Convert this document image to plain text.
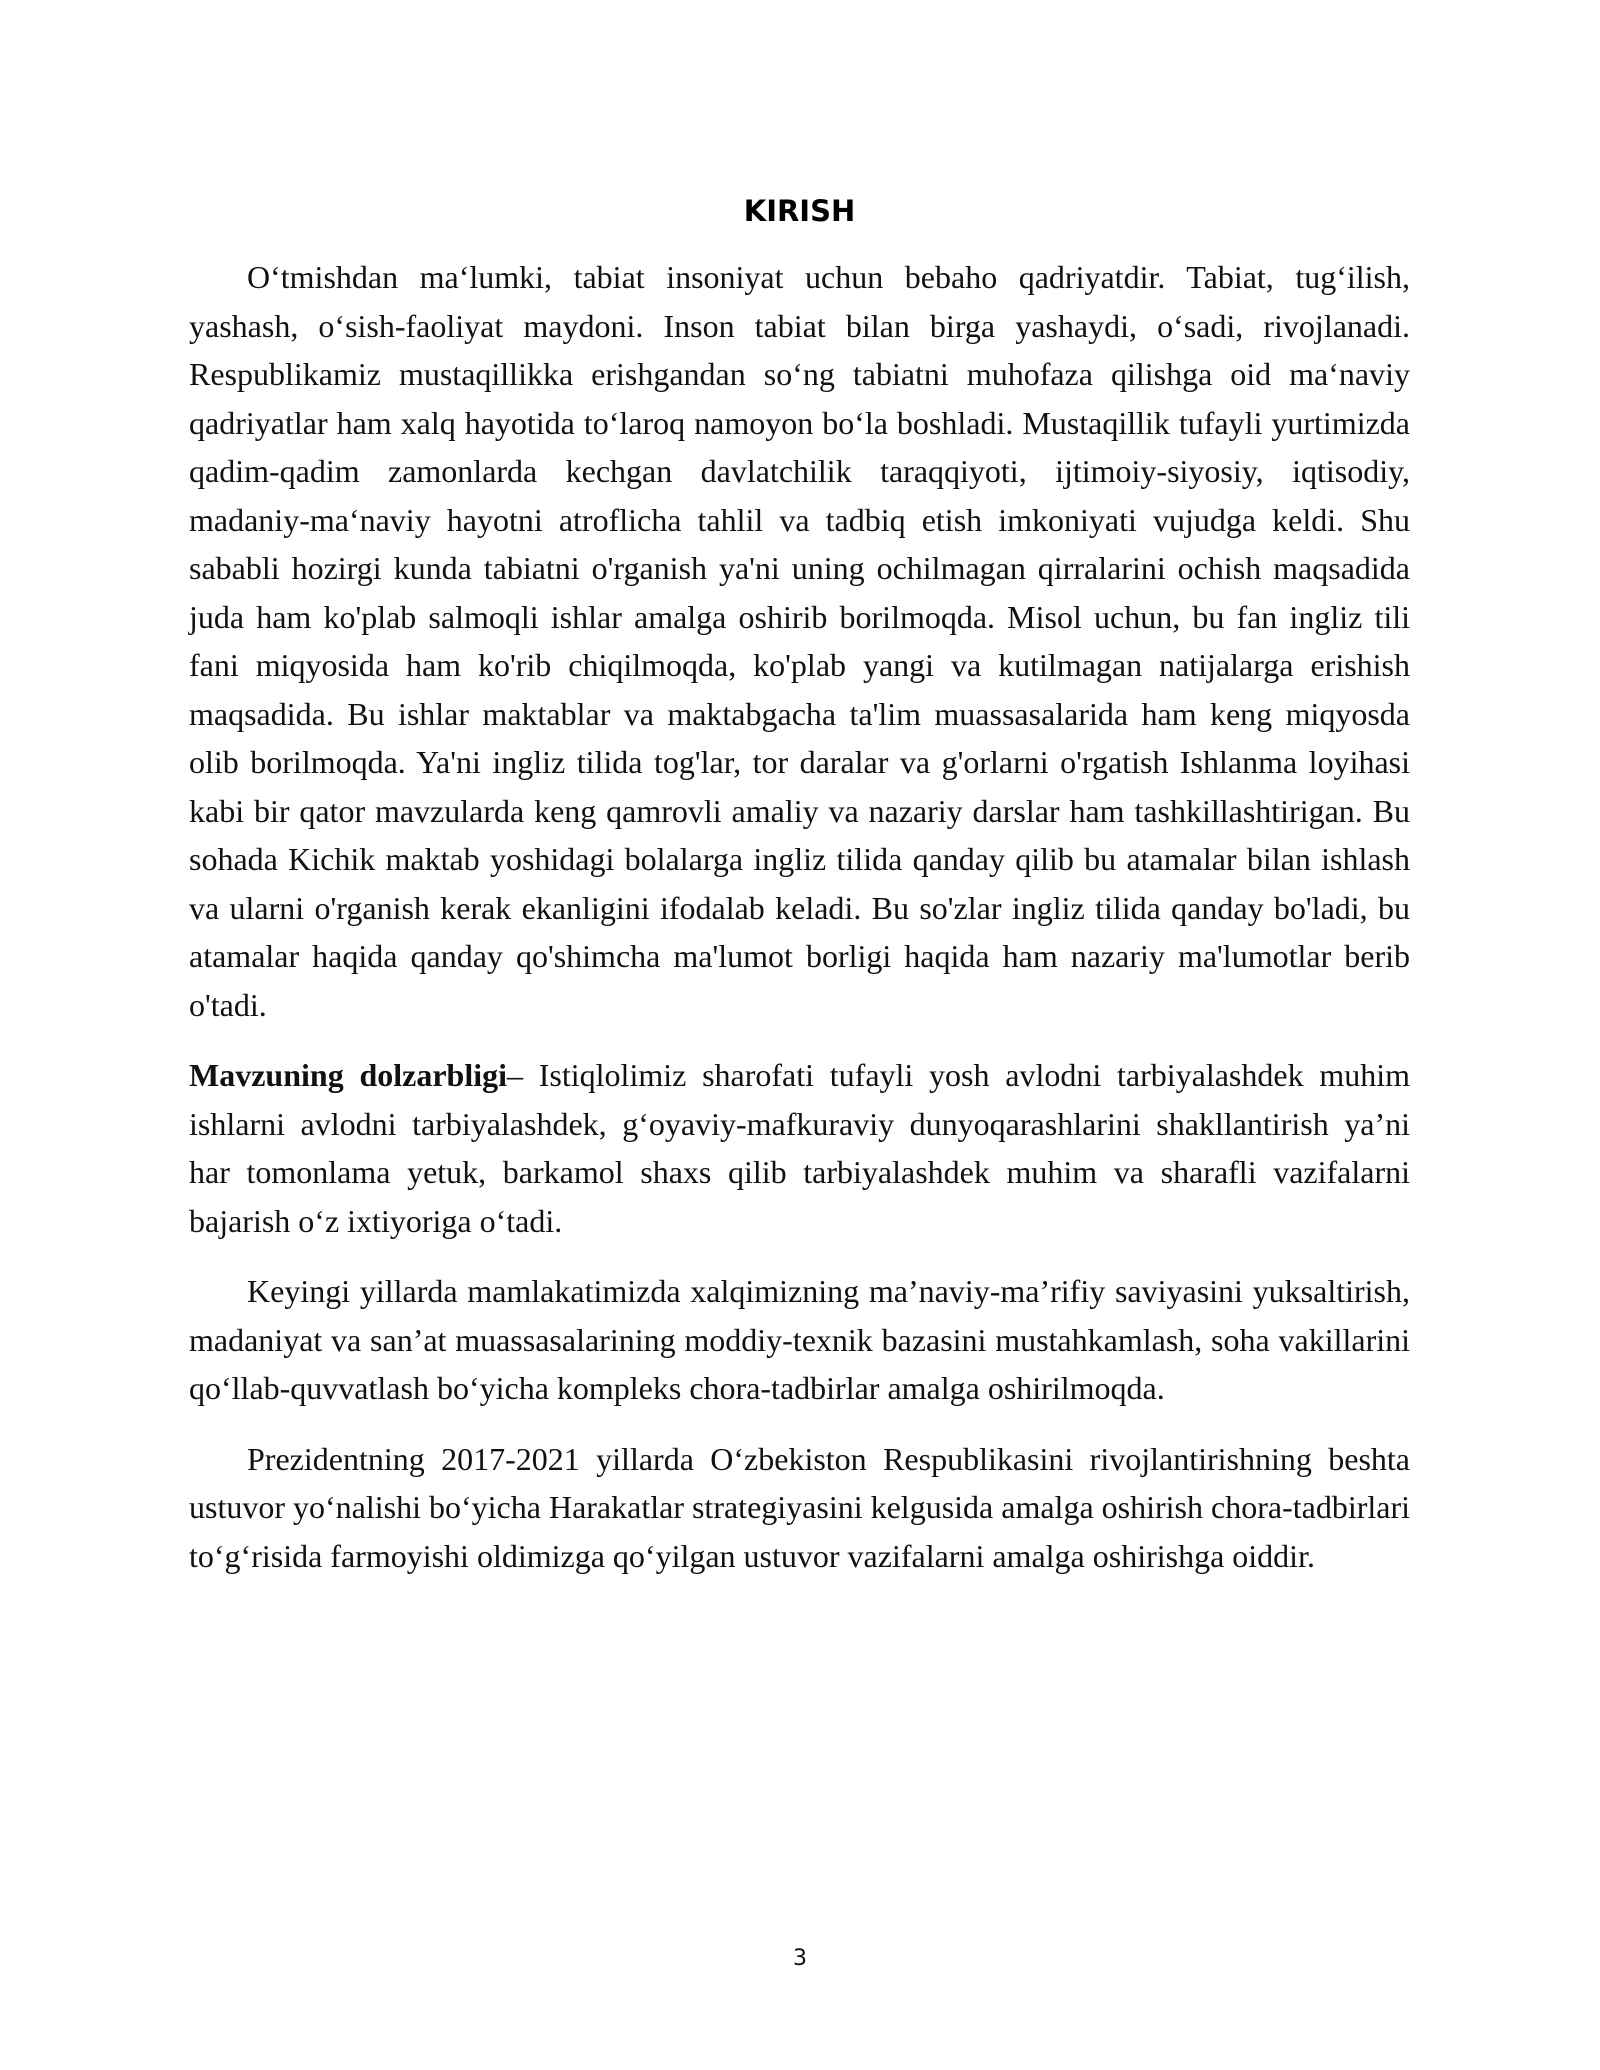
KIRISH

O‘tmishdan ma‘lumki, tabiat insoniyat uchun bebaho qadriyatdir. Tabiat, tug‘ilish, yashash, o‘sish-faoliyat maydoni. Inson tabiat bilan birga yashaydi, o‘sadi, rivojlanadi. Respublikamiz mustaqillikka erishgandan so‘ng tabiatni muhofaza qilishga oid ma‘naviy qadriyatlar ham xalq hayotida to‘laroq namoyon bo‘la boshladi. Mustaqillik tufayli yurtimizda qadim-qadim zamonlarda kechgan davlatchilik taraqqiyoti, ijtimoiy-siyosiy, iqtisodiy, madaniy-ma‘naviy hayotni atroflicha tahlil va tadbiq etish imkoniyati vujudga keldi. Shu sababli hozirgi kunda tabiatni o'rganish ya'ni uning ochilmagan qirralarini ochish maqsadida juda ham ko'plab salmoqli ishlar amalga oshirib borilmoqda. Misol uchun, bu fan ingliz tili fani miqyosida ham ko'rib chiqilmoqda, ko'plab yangi va kutilmagan natijalarga erishish maqsadida. Bu ishlar maktablar va maktabgacha ta'lim muassasalarida ham keng miqyosda olib borilmoqda. Ya'ni ingliz tilida tog'lar, tor daralar va g'orlarni o'rgatish Ishlanma loyihasi kabi bir qator mavzularda keng qamrovli amaliy va nazariy darslar ham tashkillashtirigan. Bu sohada Kichik maktab yoshidagi bolalarga ingliz tilida qanday qilib bu atamalar bilan ishlash va ularni o'rganish kerak ekanligini ifodalab keladi. Bu so'zlar ingliz tilida qanday bo'ladi, bu atamalar haqida qanday qo'shimcha ma'lumot borligi haqida ham nazariy ma'lumotlar berib o'tadi.

Mavzuning dolzarbligi– Istiqlolimiz sharofati tufayli yosh avlodni tarbiyalashdek muhim ishlarni avlodni tarbiyalashdek, g‘oyaviy-mafkuraviy dunyoqarashlarini shakllantirish ya’ni har tomonlama yetuk, barkamol shaxs qilib tarbiyalashdek muhim va sharafli vazifalarni bajarish o‘z ixtiyoriga o‘tadi.

Keyingi yillarda mamlakatimizda xalqimizning ma’naviy-ma’rifiy saviyasini yuksaltirish, madaniyat va san’at muassasalarining moddiy-texnik bazasini mustahkamlash, soha vakillarini qo‘llab-quvvatlash bo‘yicha kompleks chora-tadbirlar amalga oshirilmoqda.

Prezidentning 2017-2021 yillarda O‘zbekiston Respublikasini rivojlantirishning beshta ustuvor yo‘nalishi bo‘yicha Harakatlar strategiyasini kelgusida amalga oshirish chora-tadbirlari to‘g‘risida farmoyishi oldimizga qo‘yilgan ustuvor vazifalarni amalga oshirishga oiddir.

3
